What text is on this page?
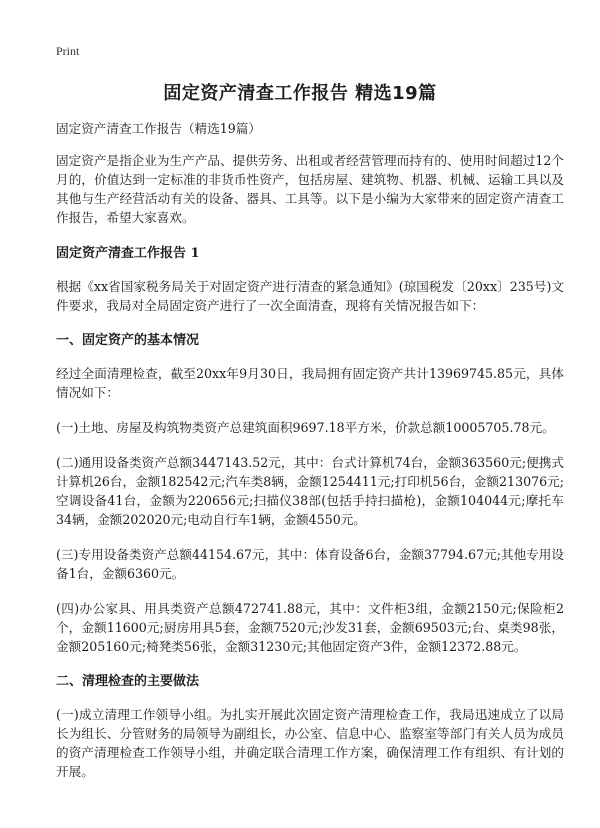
Print
固定资产清查工作报告 精选19篇

固定资产清查工作报告（精选19篇）

固定资产是指企业为生产产品、提供劳务、出租或者经营管理而持有的、使用时间超过12个月的，价值达到一定标准的非货币性资产，包括房屋、建筑物、机器、机械、运输工具以及其他与生产经营活动有关的设备、器具、工具等。以下是小编为大家带来的固定资产清查工作报告，希望大家喜欢。

固定资产清查工作报告 1

根据《xx省国家税务局关于对固定资产进行清查的紧急通知》(琼国税发〔20xx〕235号)文件要求，我局对全局固定资产进行了一次全面清查，现将有关情况报告如下：

一、固定资产的基本情况

经过全面清理检查，截至20xx年9月30日，我局拥有固定资产共计13969745.85元，具体情况如下：

(一)土地、房屋及构筑物类资产总建筑面积9697.18平方米，价款总额10005705.78元。

(二)通用设备类资产总额3447143.52元，其中：台式计算机74台，金额363560元;便携式计算机26台，金额182542元;汽车类8辆，金额1254411元;打印机56台，金额213076元;空调设备41台，金额为220656元;扫描仪38部(包括手持扫描枪)，金额104044元;摩托车34辆，金额202020元;电动自行车1辆，金额4550元。

(三)专用设备类资产总额44154.67元，其中：体育设备6台，金额37794.67元;其他专用设备1台，金额6360元。

(四)办公家具、用具类资产总额472741.88元，其中：文件柜3组，金额2150元;保险柜2个，金额11600元;厨房用具5套，金额7520元;沙发31套，金额69503元;台、桌类98张，金额205160元;椅凳类56张，金额31230元;其他固定资产3件，金额12372.88元。

二、清理检查的主要做法

(一)成立清理工作领导小组。为扎实开展此次固定资产清理检查工作，我局迅速成立了以局长为组长、分管财务的局领导为副组长，办公室、信息中心、监察室等部门有关人员为成员的资产清理检查工作领导小组，并确定联合清理工作方案，确保清理工作有组织、有计划的开展。
